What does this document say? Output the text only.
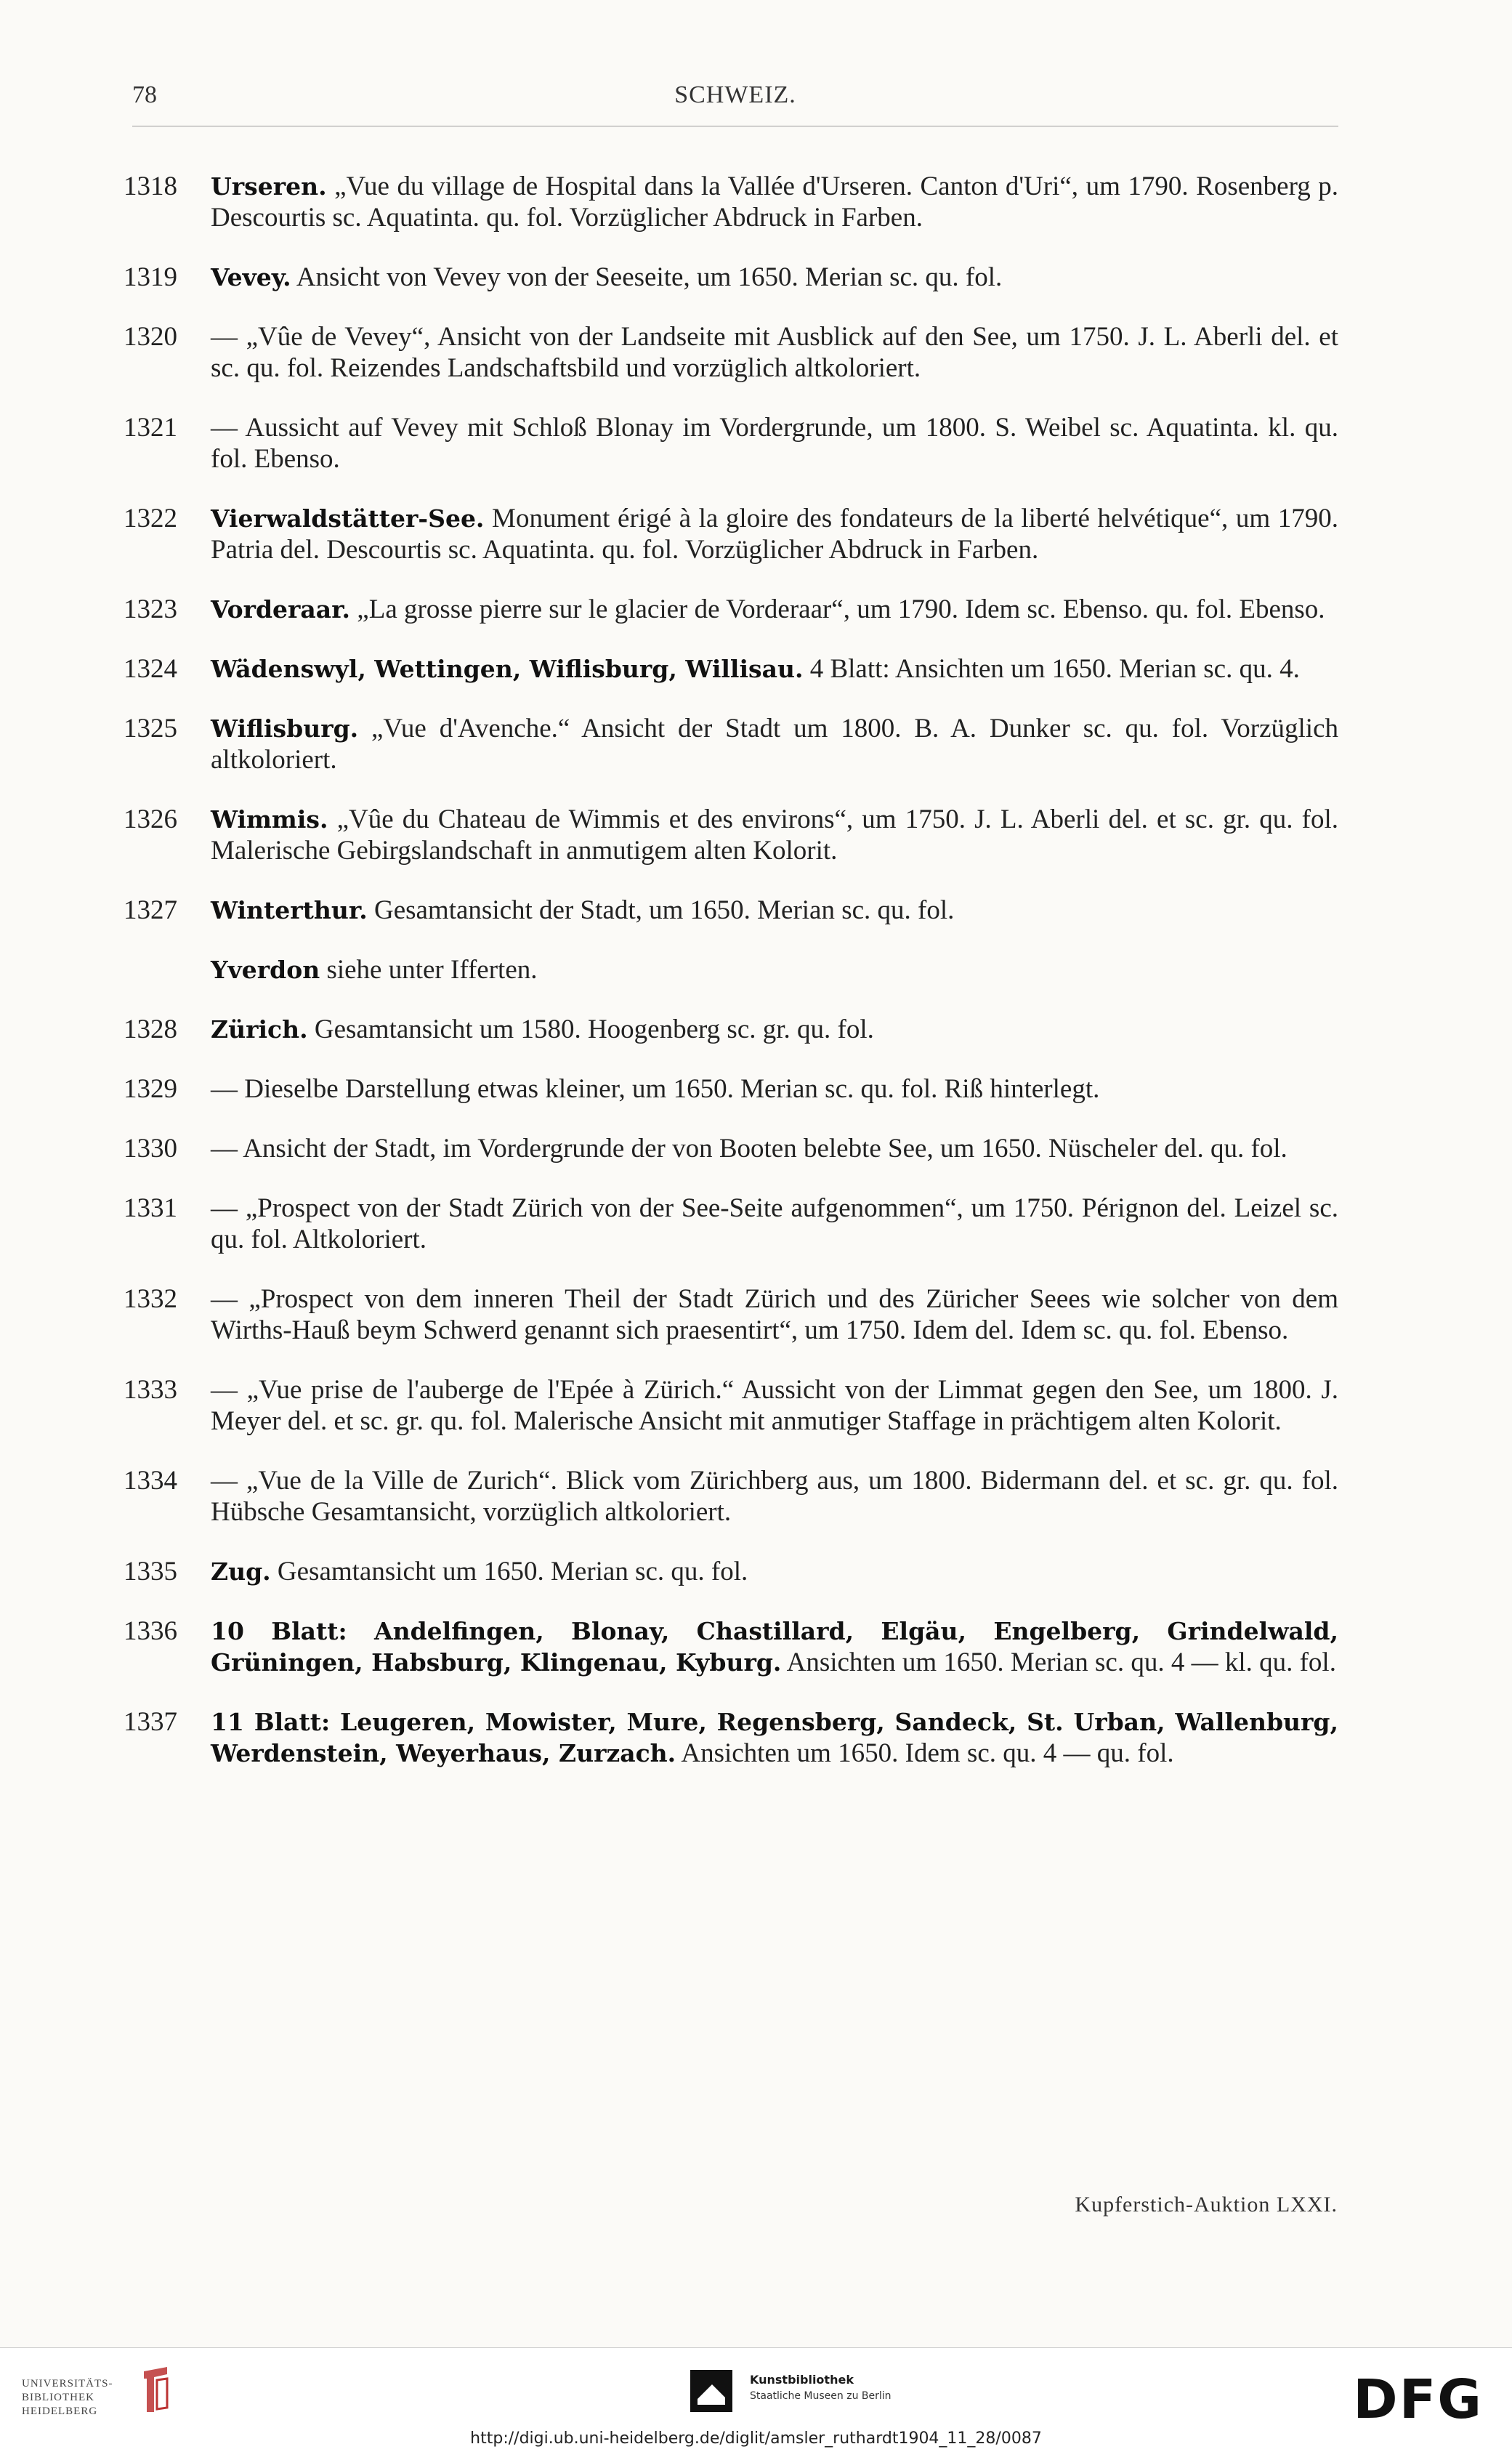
78	SCHWEIZ.
1318 Urseren. „Vue du village de Hospital dans la Vallée d'Urseren. Canton d'Uri“, um 1790. Rosenberg p. Descourtis sc. Aquatinta. qu. fol. Vorzüglicher Abdruck in Farben.
1319 Vevey. Ansicht von Vevey von der Seeseite, um 1650. Merian sc. qu. fol.
1320 — „Vûe de Vevey“, Ansicht von der Landseite mit Ausblick auf den See, um 1750. J. L. Aberli del. et sc. qu. fol. Reizendes Landschaftsbild und vorzüglich altkoloriert.
1321 — Aussicht auf Vevey mit Schloß Blonay im Vordergrunde, um 1800. S. Weibel sc. Aquatinta. kl. qu. fol. Ebenso.
1322 Vierwaldstätter-See. Monument érigé à la gloire des fondateurs de la liberté helvétique“, um 1790. Patria del. Descourtis sc. Aquatinta. qu. fol. Vorzüglicher Abdruck in Farben.
1323 Vorderaar. „La grosse pierre sur le glacier de Vorderaar“, um 1790. Idem sc. Ebenso. qu. fol. Ebenso.
1324 Wädenswyl, Wettingen, Wiflisburg, Willisau. 4 Blatt: Ansichten um 1650. Merian sc. qu. 4.
1325 Wiflisburg. „Vue d'Avenche.“ Ansicht der Stadt um 1800. B. A. Dunker sc. qu. fol. Vorzüglich altkoloriert.
1326 Wimmis. „Vûe du Chateau de Wimmis et des environs“, um 1750. J. L. Aberli del. et sc. gr. qu. fol. Malerische Gebirgslandschaft in anmutigem alten Kolorit.
1327 Winterthur. Gesamtansicht der Stadt, um 1650. Merian sc. qu. fol.
Yverdon siehe unter Ifferten.
1328 Zürich. Gesamtansicht um 1580. Hoogenberg sc. gr. qu. fol.
1329 — Dieselbe Darstellung etwas kleiner, um 1650. Merian sc. qu. fol. Riß hinterlegt.
1330 — Ansicht der Stadt, im Vordergrunde der von Booten belebte See, um 1650. Nüscheler del. qu. fol.
1331 — „Prospect von der Stadt Zürich von der See-Seite aufgenommen“, um 1750. Pérignon del. Leizel sc. qu. fol. Altkoloriert.
1332 — „Prospect von dem inneren Theil der Stadt Zürich und des Züricher Seees wie solcher von dem Wirths-Hauß beym Schwerd genannt sich praesentirt“, um 1750. Idem del. Idem sc. qu. fol. Ebenso.
1333 — „Vue prise de l'auberge de l'Epée à Zürich.“ Aussicht von der Limmat gegen den See, um 1800. J. Meyer del. et sc. gr. qu. fol. Malerische Ansicht mit anmutiger Staffage in prächtigem alten Kolorit.
1334 — „Vue de la Ville de Zurich“. Blick vom Zürichberg aus, um 1800. Bidermann del. et sc. gr. qu. fol. Hübsche Gesamtansicht, vorzüglich altkoloriert.
1335 Zug. Gesamtansicht um 1650. Merian sc. qu. fol.
1336 10 Blatt: Andelfingen, Blonay, Chastillard, Elgäu, Engelberg, Grindelwald, Grüningen, Habsburg, Klingenau, Kyburg. Ansichten um 1650. Merian sc. qu. 4 — kl. qu. fol.
1337 11 Blatt: Leugeren, Mowister, Mure, Regensberg, Sandeck, St. Urban, Wallenburg, Werdenstein, Weyerhaus, Zurzach. Ansichten um 1650. Idem sc. qu. 4 — qu. fol.
Kupferstich-Auktion LXXI.
UNIVERSITÄTS-
BIBLIOTHEK
HEIDELBERG
Kunstbibliothek
Staatliche Museen zu Berlin	DFG
http://digi.ub.uni-heidelberg.de/diglit/amsler_ruthardt1904_11_28/0087
